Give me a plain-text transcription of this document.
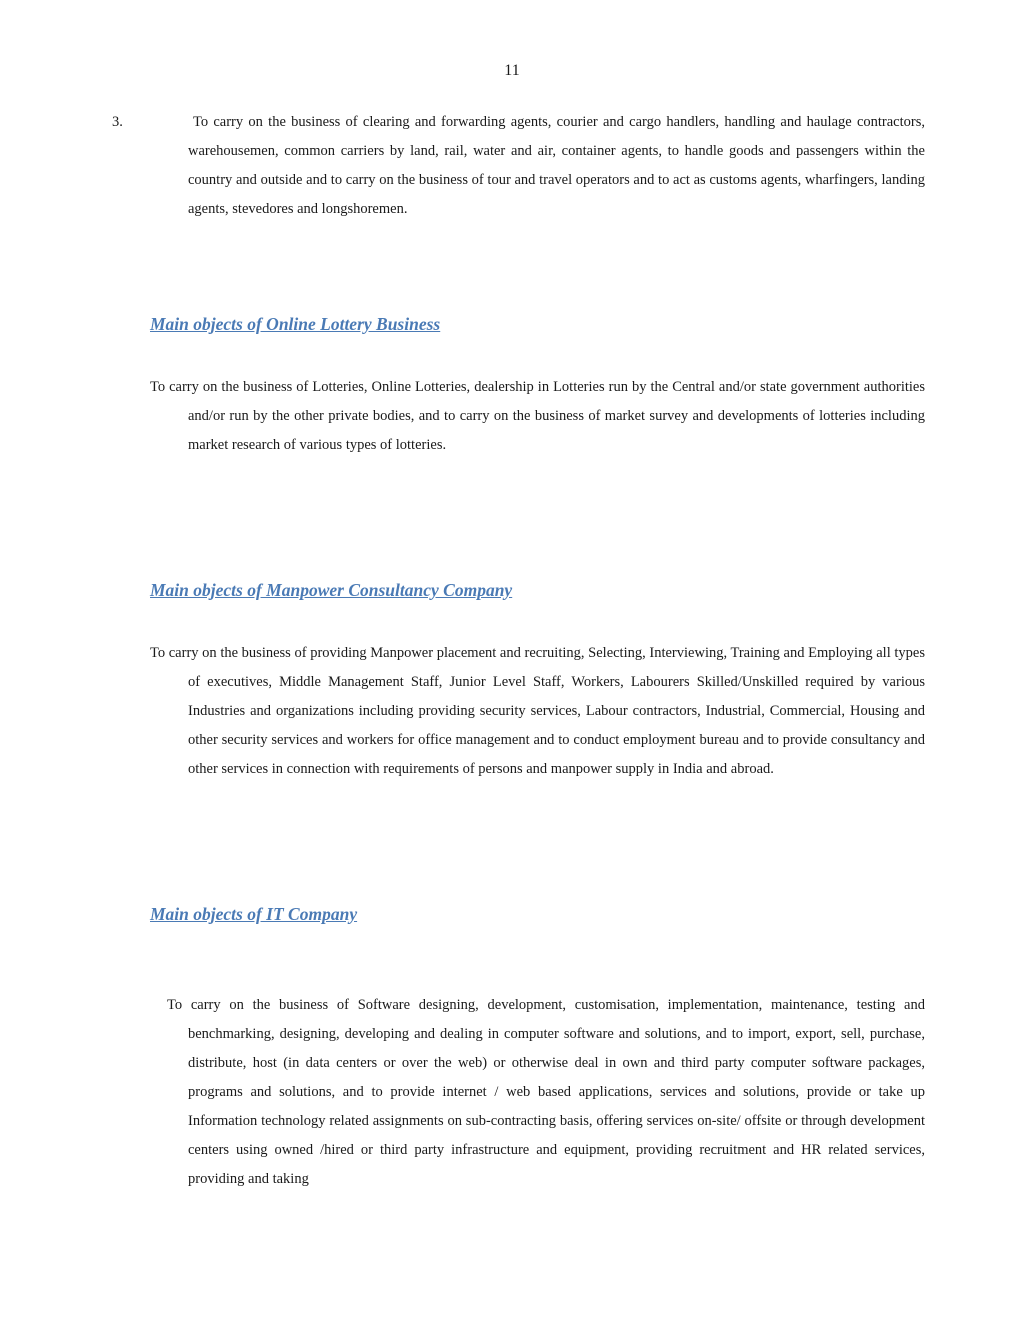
11

3.	To carry on the business of clearing and forwarding agents, courier and cargo handlers, handling and haulage contractors, warehousemen, common carriers by land, rail, water and air, container agents, to handle goods and passengers within the country and outside and to carry on the business of tour and travel operators and to act as customs agents, wharfingers, landing agents, stevedores and longshoremen.

Main objects of Online Lottery Business

To carry on the business of Lotteries, Online Lotteries, dealership in Lotteries run by the Central and/or state government authorities and/or run by the other private bodies, and to carry on the business of market survey and developments of lotteries including market research of various types of lotteries.

Main objects of Manpower Consultancy Company

To carry on the business of providing Manpower placement and recruiting, Selecting, Interviewing, Training and Employing all types of executives, Middle Management Staff, Junior Level Staff, Workers, Labourers Skilled/Unskilled required by various Industries and organizations including providing security services, Labour contractors, Industrial, Commercial, Housing and other security services and workers for office management and to conduct employment bureau and to provide consultancy and other services in connection with requirements of persons and manpower supply in India and abroad.

Main objects of IT Company

To carry on the business of Software designing, development, customisation, implementation, maintenance, testing and benchmarking, designing, developing and dealing in computer software and solutions, and to import, export, sell, purchase, distribute, host (in data centers or over the web) or otherwise deal in own and third party computer software packages, programs and solutions, and to provide internet / web based applications, services and solutions, provide or take up Information technology related assignments on sub-contracting basis, offering services on-site/ offsite or through development centers using owned /hired or third party infrastructure and equipment, providing recruitment and HR related services, providing and taking
